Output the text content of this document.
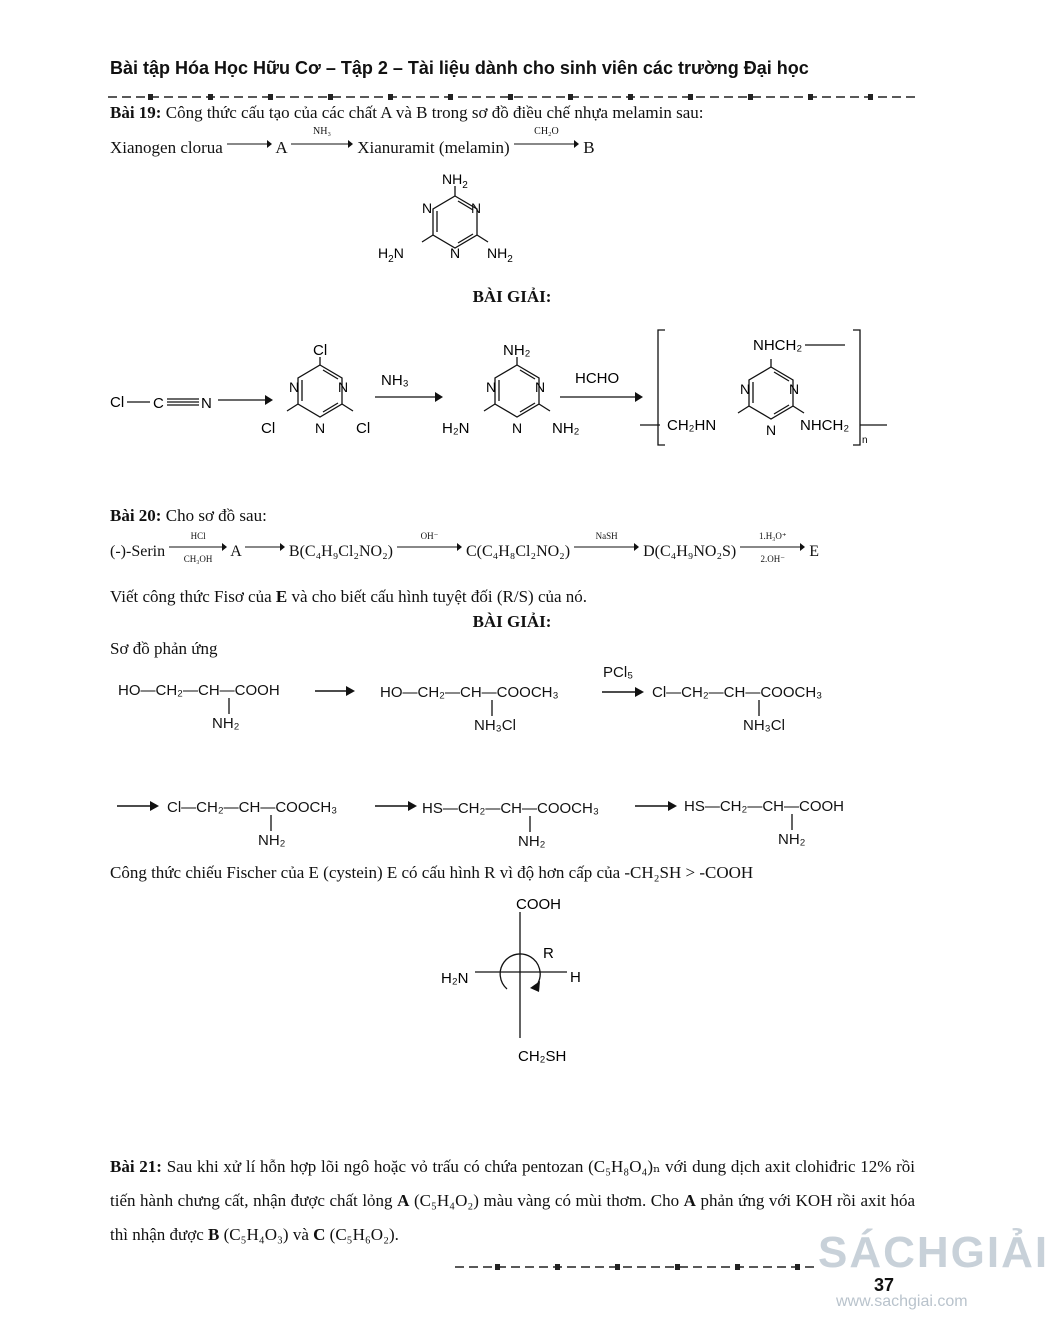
Bài tập Hóa Học Hữu Cơ – Tập 2 – Tài liệu dành cho sinh viên các trường Đại học
Bài 19: Công thức cấu tạo của các chất A và B trong sơ đồ điều chế nhựa melamin sau:
Xianogen clorua	A
NH₃
Xianuramit (melamin)
CH₂O
B
$NH_2$
N
N
N $NH_2$
$H_2N$
BÀI GIẢI:
Cl C N
Cl
N	N
N
Cl	Cl
NH₃
NH₂
N	N
N
H₂N	NH₂
HCHO
NHCH₂
N	N
N
CH₂HN	NHCH₂
n
Bài 20: Cho sơ đồ sau:
(-)-Serin
HCl
CH₃OH	A	B(C₄H₉Cl₂NO₂)
OH⁻
C(C₄H₈Cl₂NO₂)
NaSH
D(C₄H₉NO₂S)
1.H₃O⁺
2.OH⁻	E
Viết công thức Fisơ của E và cho biết cấu hình tuyệt đối (R/S) của nó.
BÀI GIẢI:
Sơ đồ phản ứng
HO—CH₂—CH—COOH
NH₂
HO—CH₂—CH—COOCH₃
NH₃Cl
PCl₅
Cl—CH₂—CH—COOCH₃
NH₃Cl
Cl—CH₂—CH—COOCH₃
NH₂
HS—CH₂—CH—COOCH₃
NH₂
HS—CH₂—CH—COOH
NH₂
Công thức chiếu Fischer của E (cystein) E có cấu hình R vì độ hơn cấp của -CH₂SH > -COOH
COOH
H₂N	H
CH₂SH
R
Bài 21: Sau khi xử lí hỗn hợp lõi ngô hoặc vỏ trấu có chứa pentozan (C₅H₈O₄)ₙ với dung dịch axit clohiđric 12% rồi tiến hành chưng cất, nhận được chất lỏng A (C₅H₄O₂) màu vàng có mùi thơm. Cho A phản ứng với KOH rồi axit hóa thì nhận được B (C₅H₄O₃) và C (C₅H₆O₂).	SÁCHGIẢI
37
www.sachgiai.com
